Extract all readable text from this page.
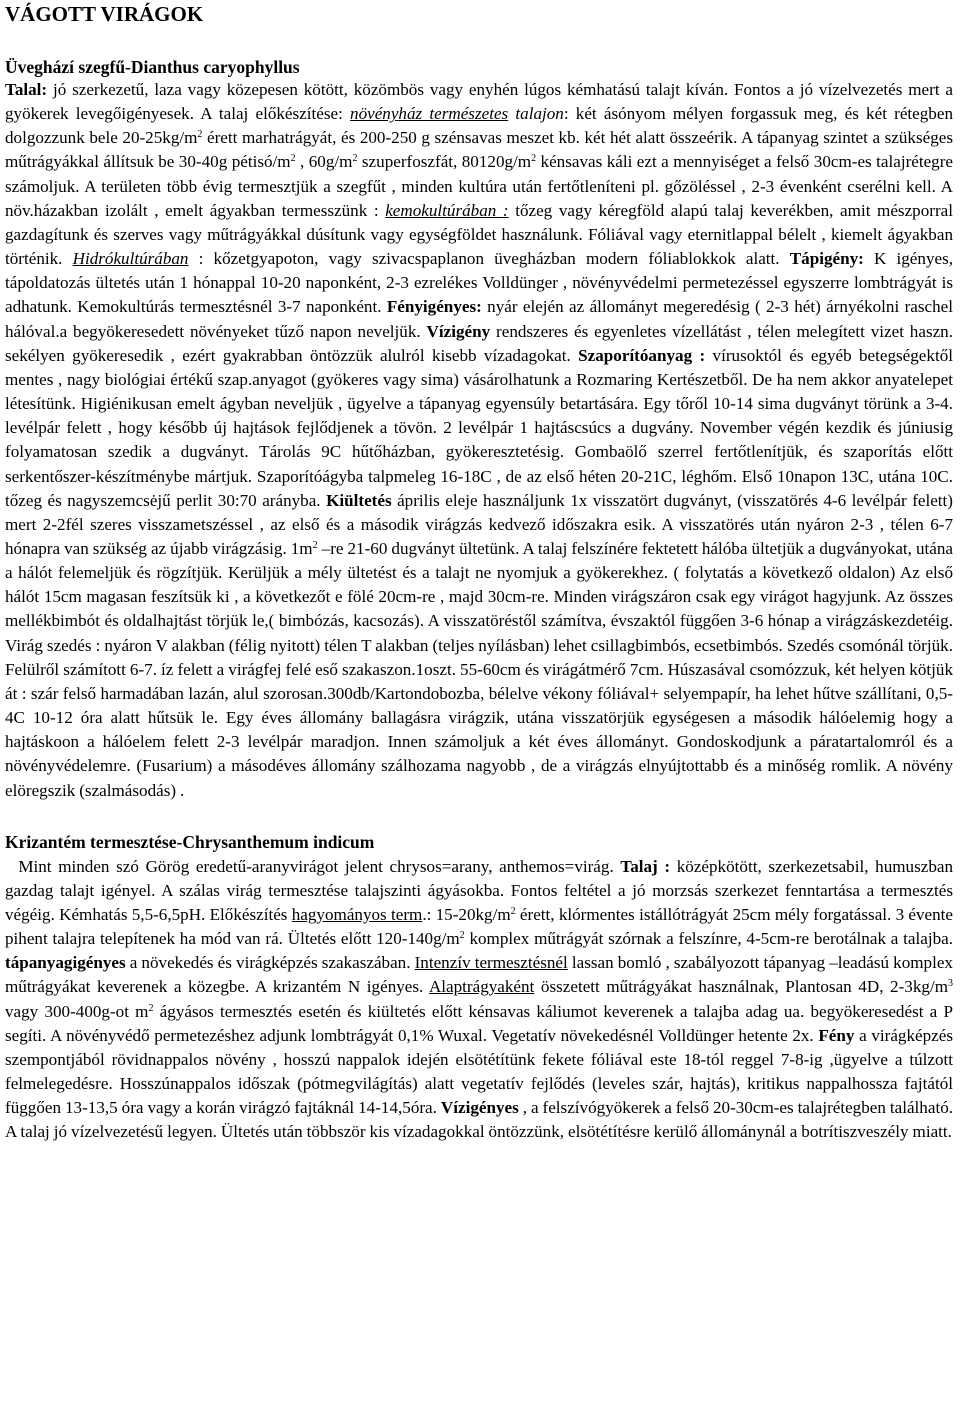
VÁGOTT VIRÁGOK
Üveghází szegfű-Dianthus caryophyllus

Talal: jó szerkezetű, laza vagy közepesen kötött, közömbös vagy enyhén lúgos kémhatású talajt kíván. Fontos a jó vízelvezetés mert a gyökerek levegőigényesek. A talaj előkészítése: növényház természetes talajon: két ásónyom mélyen forgassuk meg, és két rétegben dolgozzunk bele $20-25kg/m^2$ érett marhatrágyát, és 200-250 g szénsavas meszet kb. két hét alatt összeérik. A tápanyag szintet a szükséges műtrágyákkal állítsuk be 30-40g pétisó/$m^2$ , $60g/m^2$ szuperfoszfát, $80120g/m^2$ kénsavas káli ezt a mennyiséget a felső 30cm-es talajrétegre számoljuk. A területen több évig termesztjük a szegfűt , minden kultúra után fertőtleníteni pl. gőzöléssel , 2-3 évenként cserélni kell. A növ.házakban izolált , emelt ágyakban termesszünk : kemokultúrában : tőzeg vagy kéregföld alapú talaj keverékben, amit mészporral gazdagítunk és szerves vagy műtrágyákkal dúsítunk vagy egységföldet használunk. Fóliával vagy eternitlappal bélelt , kiemelt ágyakban történik. Hidrókultúrában : kőzetgyapoton, vagy szivacspaplanon üvegházban modern fóliablokkok alatt. Tápigény: K igényes, tápoldatozás ültetés után 1 hónappal 10-20 naponként, 2-3 ezrelékes Volldünger , növényvédelmi permetezéssel egyszerre lombtrágyát is adhatunk. Kemokultúrás termesztésnél 3-7 naponként. Fényigényes: nyár elején az állományt megeredésig ( 2-3 hét) árnyékolni raschel hálóval.a begyökeresedett növényeket tűző napon neveljük. Vízigény rendszeres és egyenletes vízellátást , télen melegített vizet haszn. sekélyen gyökeresedik , ezért gyakrabban öntözzük alulról kisebb vízadagokat. Szaporítóanyag : vírusoktól és egyéb betegségektől mentes , nagy biológiai értékű szap.anyagot (gyökeres vagy sima) vásárolhatunk a Rozmaring Kertészetből. De ha nem akkor anyatelepet létesítünk. Higiénikusan emelt ágyban neveljük , ügyelve a tápanyag egyensúly betartására. Egy tőről 10-14 sima dugványt törünk a 3-4. levélpár felett , hogy később új hajtások fejlődjenek a tövön. 2 levélpár 1 hajtáscsúcs a dugvány. November végén kezdik és júniusig folyamatosan szedik a dugványt. Tárolás 9C hűtőházban, gyökeresztetésig. Gombaölő szerrel fertőtlenítjük, és szaporítás előtt serkentőszer-készítménybe mártjuk. Szaporítóágyba talpmeleg 16-18C , de az első héten 20-21C, léghőm. Első 10napon 13C, utána 10C. tőzeg és nagyszemcsėjű perlit 30:70 arányba. Kiültetés április eleje használjunk 1x visszatört dugványt, (visszatörés 4-6 levélpár felett) mert 2-2fél szeres visszametszéssel , az első és a második virágzás kedvező időszakra esik. A visszatörés után nyáron 2-3 , télen 6-7 hónapra van szükség az újabb virágzásig. $1m^2$ –re 21-60 dugványt ültetünk. A talaj felszínére fektetett hálóba ültetjük a dugványokat, utána a hálót felemeljük és rögzítjük. Kerüljük a mély ültetést és a talajt ne nyomjuk a gyökerekhez. ( folytatás a következő oldalon) Az első hálót 15cm magasan feszítsük ki , a következőt e fölé 20cm-re , majd 30cm-re. Minden virágszáron csak egy virágot hagyjunk. Az összes mellékbimbót és oldalhajtást törjük le,( bimbózás, kacsozás). A visszatöréstől számítva, évszaktól függően 3-6 hónap a virágzáskezdetéig. Virág szedés : nyáron V alakban (félig nyitott) télen T alakban (teljes nyílásban) lehet csillagbimbós, ecsetbimbós. Szedés csomónál törjük. Felülről számított 6-7. íz felett a virágfej felé eső szakaszon.1oszt. 55-60cm és virágátmérő 7cm. Húszasával csomózzuk, két helyen kötjük át : szár felső harmadában lazán, alul szorosan.300db/Kartondobozba, bélelve vékony fóliával+ selyempapír, ha lehet hűtve szállítani, 0,5-4C 10-12 óra alatt hűtsük le. Egy éves állomány ballagásra virágzik, utána visszatörjük egységesen a második hálóelemig hogy a hajtáskoon a hálóelem felett 2-3 levélpár maradjon. Innen számoljuk a két éves állományt. Gondoskodjunk a páratartalomról és a növényvédelemre. (Fusarium) a másodéves állomány szálhozama nagyobb , de a virágzás elnyújtottabb és a minőség romlik. A növény elöregszik (szalmásodás) .

Krizantém termesztése-Chrysanthemum indicum

Mint minden szó Görög eredetű-aranyvirágot jelent chrysos=arany, anthemos=virág. Talaj : középkötött, szerkezetsabil, humuszban gazdag talajt igényel. A szálas virág termesztése talajszinti ágyásokba. Fontos feltétel a jó morzsás szerkezet fenntartása a termesztés végéig. Kémhatás 5,5-6,5pH. Előkészítés hagyományos term.: $15-20kg/m^2$ érett, klórmentes istállótrágyát 25cm mély forgatással. 3 évente pihent talajra telepítenek ha mód van rá. Ültetés előtt $120-140g/m^2$ komplex műtrágyát szórnak a felszínre, 4-5cm-re berotálnak a talajba. tápanyagigényes a növekedés és virágképzés szakaszában. Intenzív termesztésnél lassan bomló , szabályozott tápanyag –leadású komplex műtrágyákat keverenek a közegbe. A krizantém N igényes. Alaptrágyaként összetett műtrágyákat használnak, Plantosan 4D, $2-3kg/m^3$ vagy 300-400g-ot $m^2$ ágyásos termesztés esetén és kiültetés előtt kénsavas káliumot keverenek a talajba adag ua. begyökeresedést a P segíti. A növényvédő permetezéshez adjunk lombtrágyát 0,1% Wuxal. Vegetatív növekedésnél Volldünger hetente 2x. Fény a virágképzés szempontjából rövidnappalos növény , hosszú nappalok idején elsötétítünk fekete fóliával este 18-tól reggel 7-8-ig ,ügyelve a túlzott felmelegedésre. Hosszúnappalos időszak (pótmegvilágítás) alatt vegetatív fejlődés (leveles szár, hajtás), kritikus nappalhossza fajtától függően 13-13,5 óra vagy a korán virágzó fajtáknál 14-14,5óra. Vízigényes , a felszívógyökerek a felső 20-30cm-es talajrétegben található. A talaj jó vízelvezetésű legyen. Ültetés után többször kis vízadagokkal öntözzünk, elsötétítésre kerülő állománynál a botrítiszveszély miatt.
